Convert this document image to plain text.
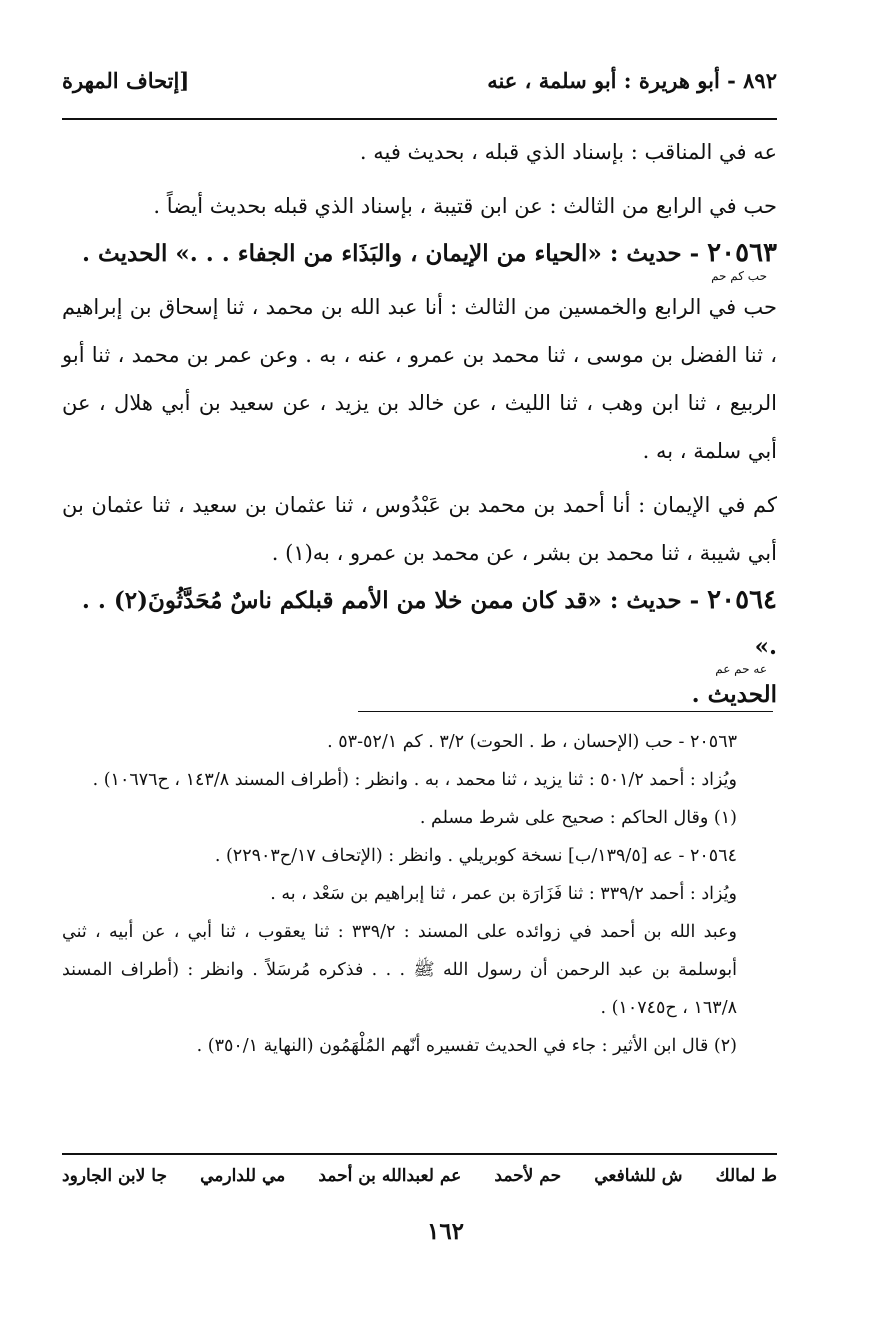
٨٩٢ - أبو هريرة : أبو سلمة ، عنه
[إتحاف المهرة

عه في المناقب : بإسناد الذي قبله ، بحديث فيه .

حب في الرابع من الثالث : عن ابن قتيبة ، بإسناد الذي قبله بحديث أيضاً .

٢٠٥٦٣ - حديث : «الحياء من الإيمان ، والبَذَاء من الجفاء . . .» الحديث .

حب كم حم

حب في الرابع والخمسين من الثالث : أنا عبد الله بن محمد ، ثنا إسحاق بن إبراهيم ، ثنا الفضل بن موسى ، ثنا محمد بن عمرو ، عنه ، به . وعن عمر بن محمد ، ثنا أبو الربيع ، ثنا ابن وهب ، ثنا الليث ، عن خالد بن يزيد ، عن سعيد بن أبي هلال ، عن أبي سلمة ، به .

كم في الإيمان : أنا أحمد بن محمد بن عَبْدُوس ، ثنا عثمان بن سعيد ، ثنا عثمان بن أبي شيبة ، ثنا محمد بن بشر ، عن محمد بن عمرو ، به(١) .

٢٠٥٦٤ - حديث : «قد كان ممن خلا من الأمم قبلكم ناسٌ مُحَدَّثُونَ(٢) . . .»

عه حم عم

الحديث .

٢٠٥٦٣ - حب (الإحسان ، ط . الحوت) ٣/٢ . كم ٥٢/١-٥٣ .

ويُزاد : أحمد ٥٠١/٢ : ثنا يزيد ، ثنا محمد ، به . وانظر : (أطراف المسند ١٤٣/٨ ، ح١٠٦٧٦) .

(١) وقال الحاكم : صحيح على شرط مسلم .

٢٠٥٦٤ - عه [١٣٩/٥/ب] نسخة كوبريلي . وانظر : (الإتحاف ١٧/ح٢٢٩٠٣) .

ويُزاد : أحمد ٣٣٩/٢ : ثنا فَزَارَة بن عمر ، ثنا إبراهيم بن سَعْد ، به .

وعبد الله بن أحمد في زوائده على المسند : ٣٣٩/٢ : ثنا يعقوب ، ثنا أبي ، عن أبيه ، ثني أبوسلمة بن عبد الرحمن أن رسول الله ﷺ . . . فذكره مُرسَلاً . وانظر : (أطراف المسند ١٦٣/٨ ، ح١٠٧٤٥) .

(٢) قال ابن الأثير : جاء في الحديث تفسيره أنّهم المُلْهَمُون (النهاية ٣٥٠/١) .

ط لمالك
ش للشافعي
حم لأحمد
عم لعبدالله بن أحمد
مي للدارمي
جا لابن الجارود
١٦٢
